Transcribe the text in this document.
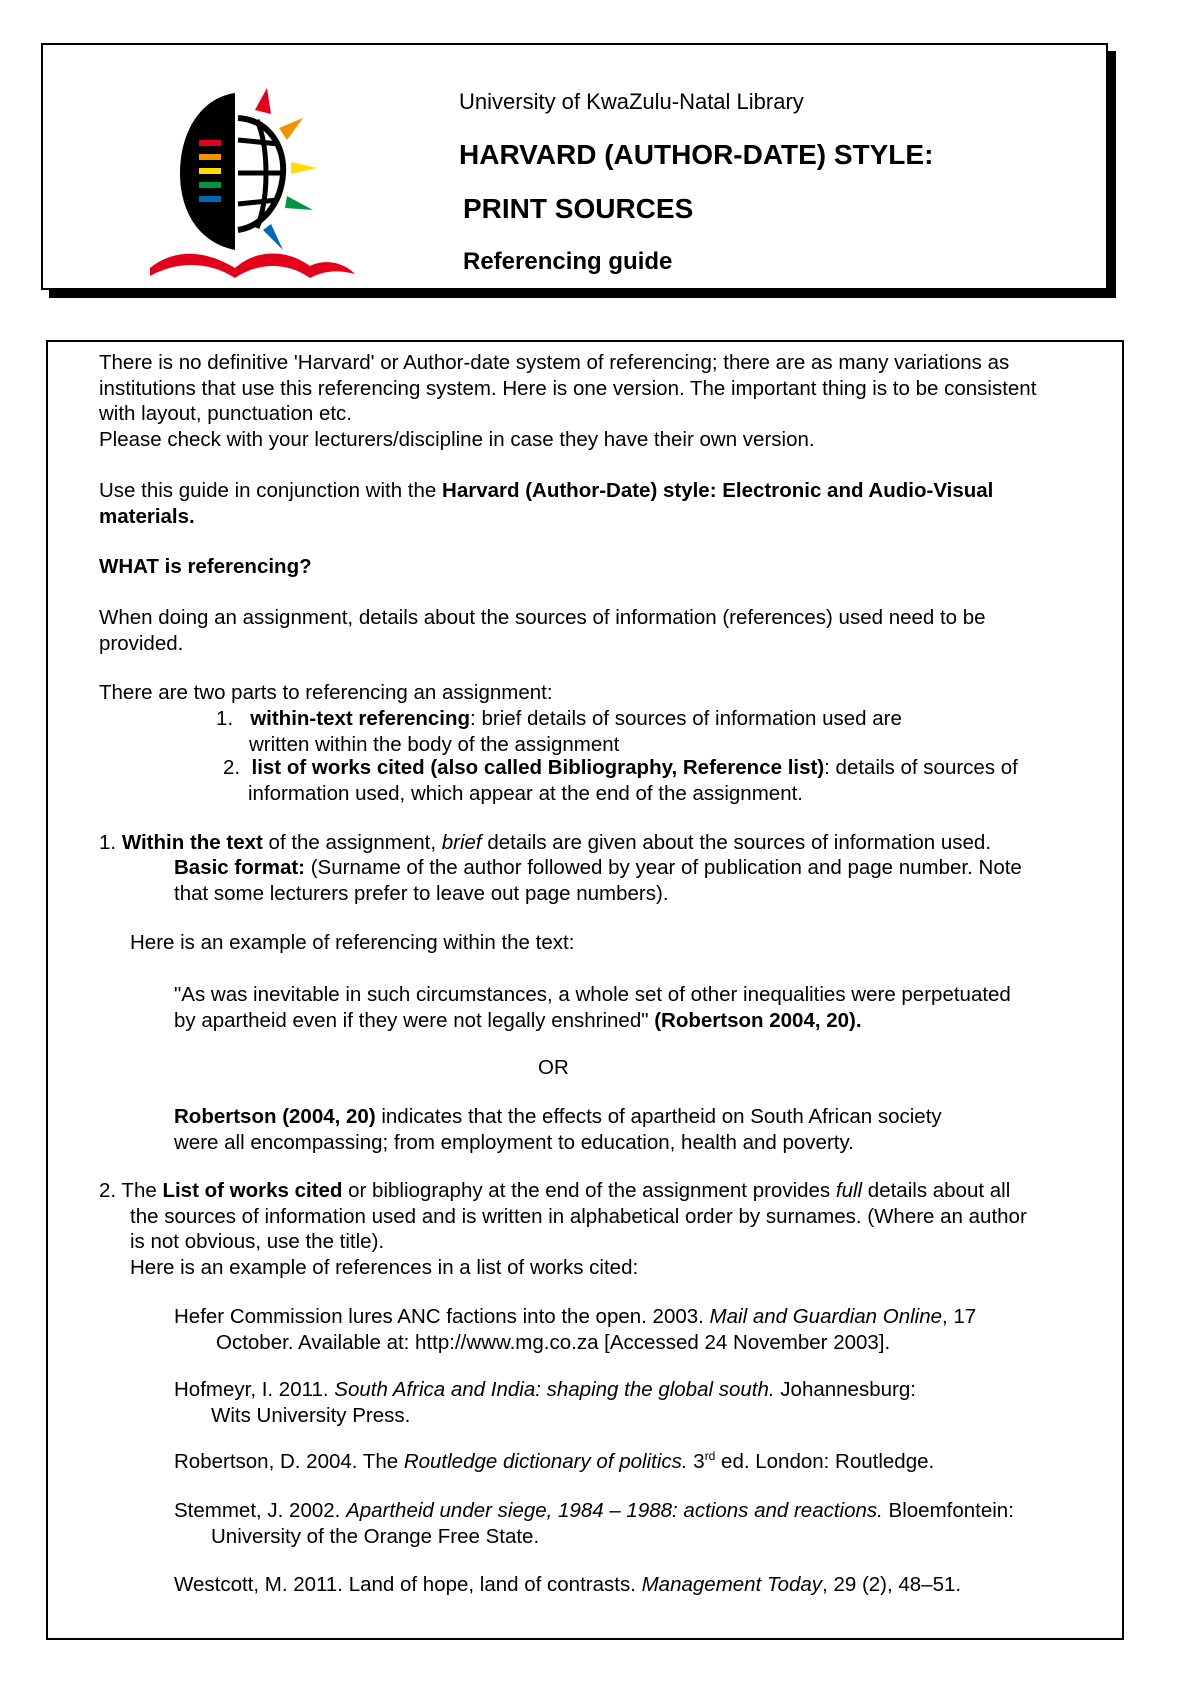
University of KwaZulu-Natal Library
HARVARD (AUTHOR-DATE) STYLE:
PRINT SOURCES
Referencing guide
There is no definitive 'Harvard' or Author-date system of referencing; there are as many variations as
institutions that use this referencing system. Here is one version. The important thing is to be consistent
with layout, punctuation etc.
Please check with your lecturers/discipline in case they have their own version.
Use this guide in conjunction with the Harvard (Author-Date) style: Electronic and Audio-Visual
materials.
WHAT is referencing?
When doing an assignment, details about the sources of information (references) used need to be
provided.
There are two parts to referencing an assignment:
1. within-text referencing: brief details of sources of information used are
written within the body of the assignment
2. list of works cited (also called Bibliography, Reference list): details of sources of
information used, which appear at the end of the assignment.
1. Within the text of the assignment, brief details are given about the sources of information used.
Basic format: (Surname of the author followed by year of publication and page number. Note
that some lecturers prefer to leave out page numbers).
Here is an example of referencing within the text:
"As was inevitable in such circumstances, a whole set of other inequalities were perpetuated
by apartheid even if they were not legally enshrined" (Robertson 2004, 20).
OR
Robertson (2004, 20) indicates that the effects of apartheid on South African society
were all encompassing; from employment to education, health and poverty.
2. The List of works cited or bibliography at the end of the assignment provides full details about all
the sources of information used and is written in alphabetical order by surnames. (Where an author
is not obvious, use the title).
Here is an example of references in a list of works cited:
Hefer Commission lures ANC factions into the open. 2003. Mail and Guardian Online, 17
October. Available at: http://www.mg.co.za [Accessed 24 November 2003].
Hofmeyr, I. 2011. South Africa and India: shaping the global south. Johannesburg:
Wits University Press.
Robertson, D. 2004. The Routledge dictionary of politics. 3rd ed. London: Routledge.
Stemmet, J. 2002. Apartheid under siege, 1984 – 1988: actions and reactions. Bloemfontein:
University of the Orange Free State.
Westcott, M. 2011. Land of hope, land of contrasts. Management Today, 29 (2), 48–51.
